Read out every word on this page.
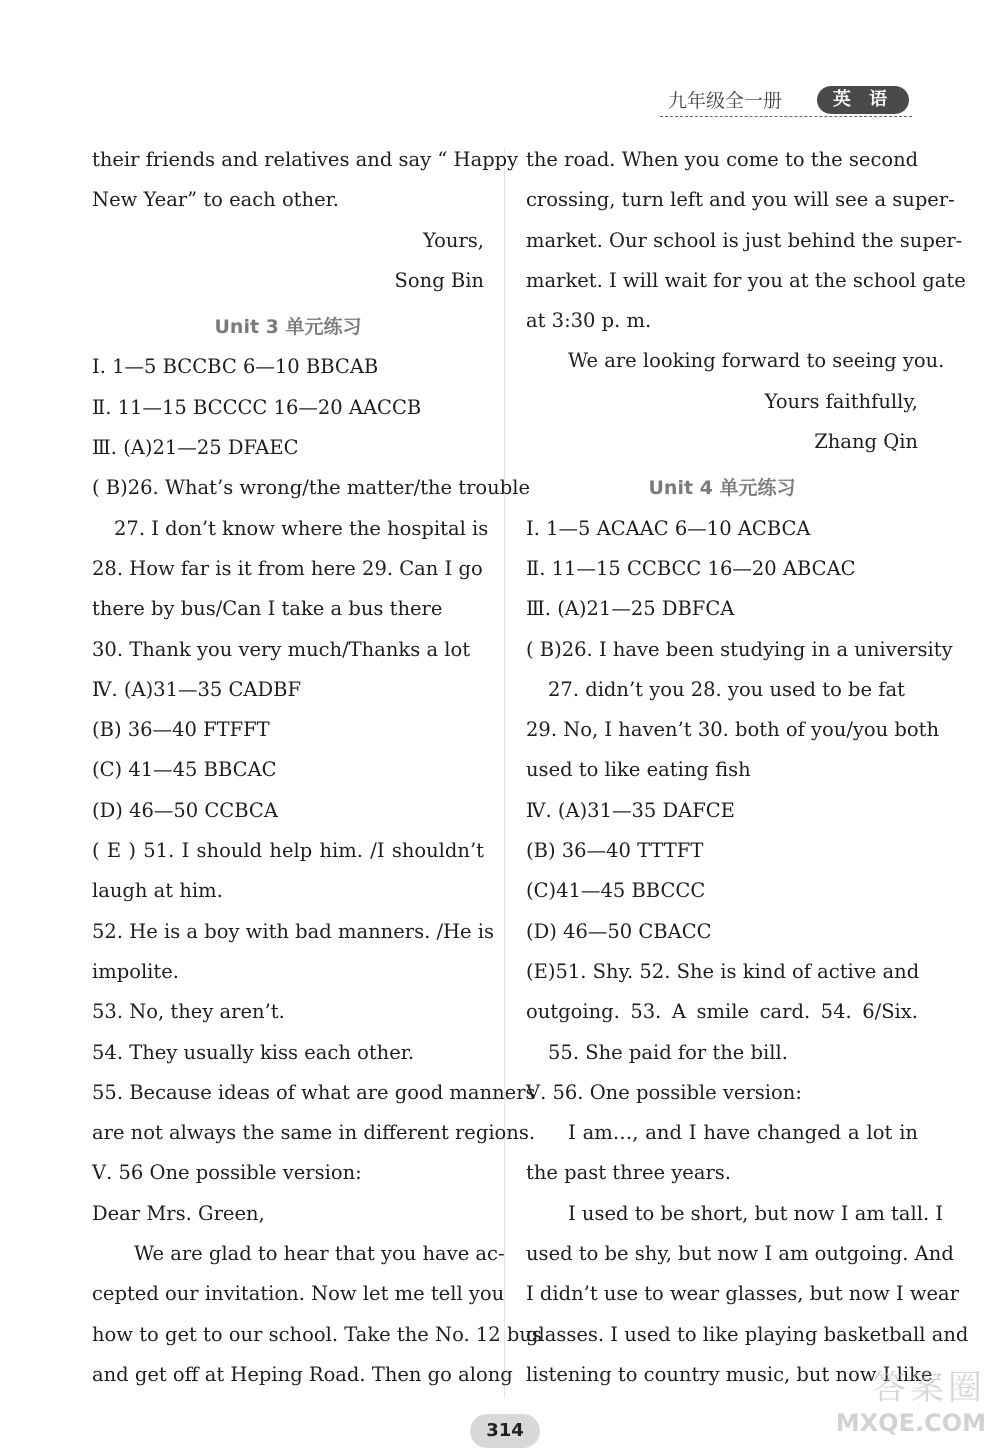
九年级全一册	英 语
their friends and relatives and say “ Happy
New Year” to each other.
Yours,
Song Bin
Unit 3 单元练习
Ⅰ. 1—5 BCCBC 6—10 BBCAB
Ⅱ. 11—15 BCCCC 16—20 AACCB
Ⅲ. (A)21—25 DFAEC
( B)26. What’s wrong/the matter/the trouble
27. I don’t know where the hospital is
28. How far is it from here 29. Can I go
there by bus/Can I take a bus there
30. Thank you very much/Thanks a lot
Ⅳ. (A)31—35 CADBF
(B) 36—40 FTFFT
(C) 41—45 BBCAC
(D) 46—50 CCBCA
( E ) 51. I should help him. /I shouldn’t
laugh at him.
52. He is a boy with bad manners. /He is
impolite.
53. No, they aren’t.
54. They usually kiss each other.
55. Because ideas of what are good manners
are not always the same in different regions.
Ⅴ. 56 One possible version:
Dear Mrs. Green,
We are glad to hear that you have ac-
cepted our invitation. Now let me tell you
how to get to our school. Take the No. 12 bus
and get off at Heping Road. Then go along
the road. When you come to the second
crossing, turn left and you will see a super-
market. Our school is just behind the super-
market. I will wait for you at the school gate
at 3:30 p. m.
We are looking forward to seeing you.
Yours faithfully,
Zhang Qin
Unit 4 单元练习
Ⅰ. 1—5 ACAAC 6—10 ACBCA
Ⅱ. 11—15 CCBCC 16—20 ABCAC
Ⅲ. (A)21—25 DBFCA
( B)26. I have been studying in a university
27. didn’t you 28. you used to be fat
29. No, I haven’t 30. both of you/you both
used to like eating fish
Ⅳ. (A)31—35 DAFCE
(B) 36—40 TTTFT
(C)41—45 BBCCC
(D) 46—50 CBACC
(E)51. Shy. 52. She is kind of active and
outgoing. 53. A smile card. 54. 6/Six.
55. She paid for the bill.
Ⅴ. 56. One possible version:
I am…, and I have changed a lot in
the past three years.
I used to be short, but now I am tall. I
used to be shy, but now I am outgoing. And
I didn’t use to wear glasses, but now I wear
glasses. I used to like playing basketball and
listening to country music, but now I like
314
答案圈
MXQE.COM
